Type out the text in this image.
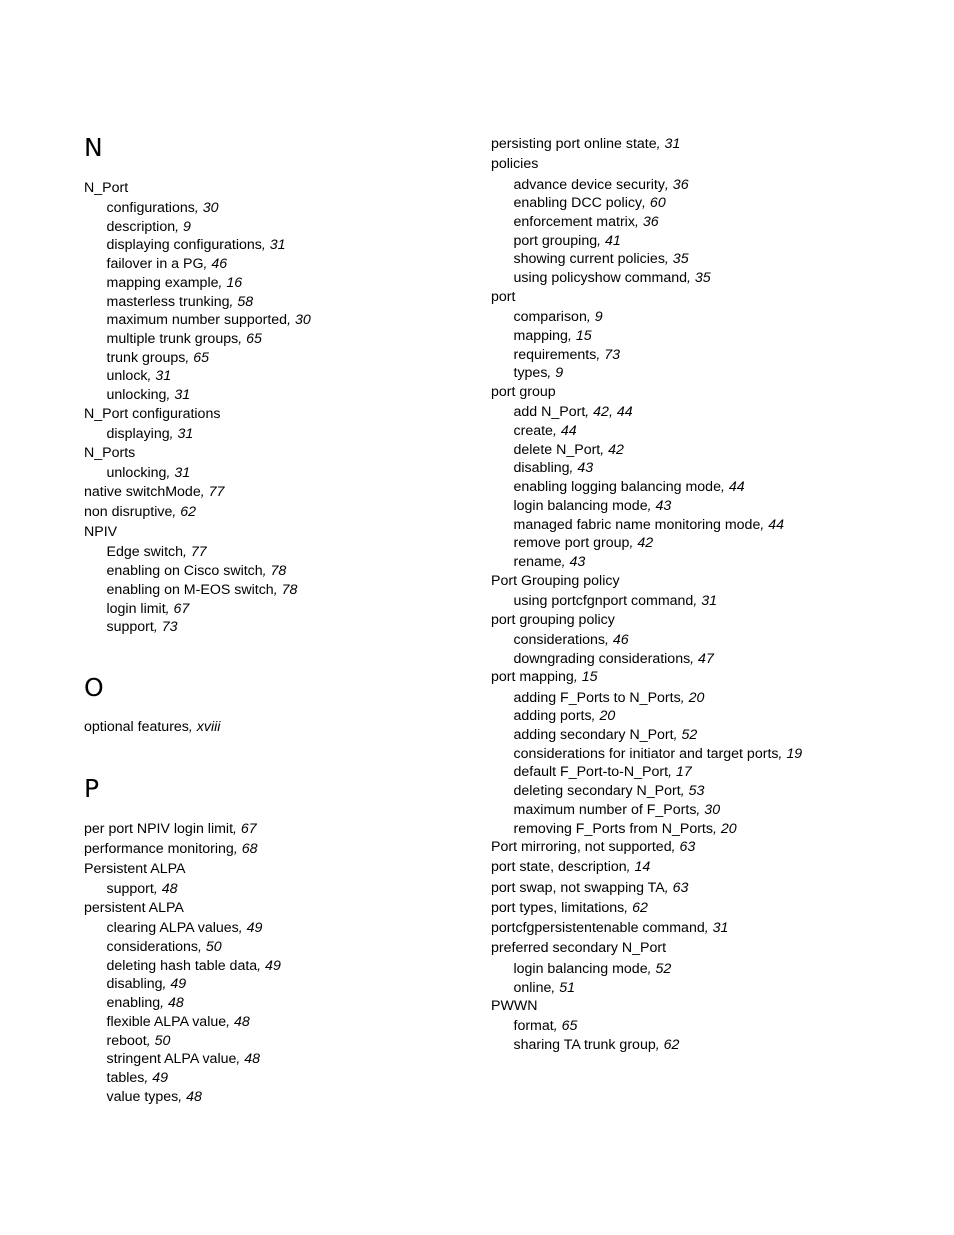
N
N_Port
configurations, 30
description, 9
displaying configurations, 31
failover in a PG, 46
mapping example, 16
masterless trunking, 58
maximum number supported, 30
multiple trunk groups, 65
trunk groups, 65
unlock, 31
unlocking, 31
N_Port configurations
displaying, 31
N_Ports
unlocking, 31
native switchMode, 77
non disruptive, 62
NPIV
Edge switch, 77
enabling on Cisco switch, 78
enabling on M-EOS switch, 78
login limit, 67
support, 73
O
optional features, xviii
P
per port NPIV login limit, 67
performance monitoring, 68
Persistent ALPA
support, 48
persistent ALPA
clearing ALPA values, 49
considerations, 50
deleting hash table data, 49
disabling, 49
enabling, 48
flexible ALPA value, 48
reboot, 50
stringent ALPA value, 48
tables, 49
value types, 48
persisting port online state, 31
policies
advance device security, 36
enabling DCC policy, 60
enforcement matrix, 36
port grouping, 41
showing current policies, 35
using policyshow command, 35
port
comparison, 9
mapping, 15
requirements, 73
types, 9
port group
add N_Port, 42, 44
create, 44
delete N_Port, 42
disabling, 43
enabling logging balancing mode, 44
login balancing mode, 43
managed fabric name monitoring mode, 44
remove port group, 42
rename, 43
Port Grouping policy
using portcfgnport command, 31
port grouping policy
considerations, 46
downgrading considerations, 47
port mapping, 15
adding F_Ports to N_Ports, 20
adding ports, 20
adding secondary N_Port, 52
considerations for initiator and target ports, 19
default F_Port-to-N_Port, 17
deleting secondary N_Port, 53
maximum number of F_Ports, 30
removing F_Ports from N_Ports, 20
Port mirroring, not supported, 63
port state, description, 14
port swap, not swapping TA, 63
port types, limitations, 62
portcfgpersistentenable command, 31
preferred secondary N_Port
login balancing mode, 52
online, 51
PWWN
format, 65
sharing TA trunk group, 62
